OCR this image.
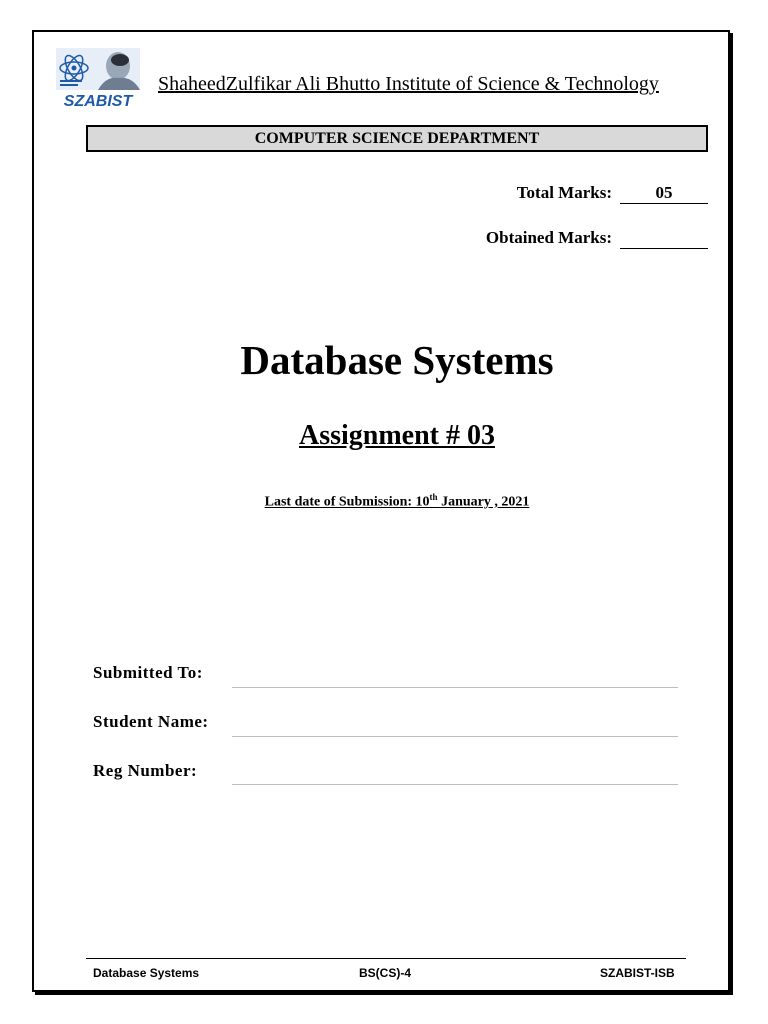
SZABIST
ShaheedZulfikar Ali Bhutto Institute of Science & Technology
COMPUTER SCIENCE DEPARTMENT
Total Marks:	05
Obtained Marks:

Database Systems
Assignment # 03
Last date of Submission: 10th January , 2021
Submitted To:
Student Name:
Reg Number:
Database Systems	BS(CS)-4	SZABIST-ISB
